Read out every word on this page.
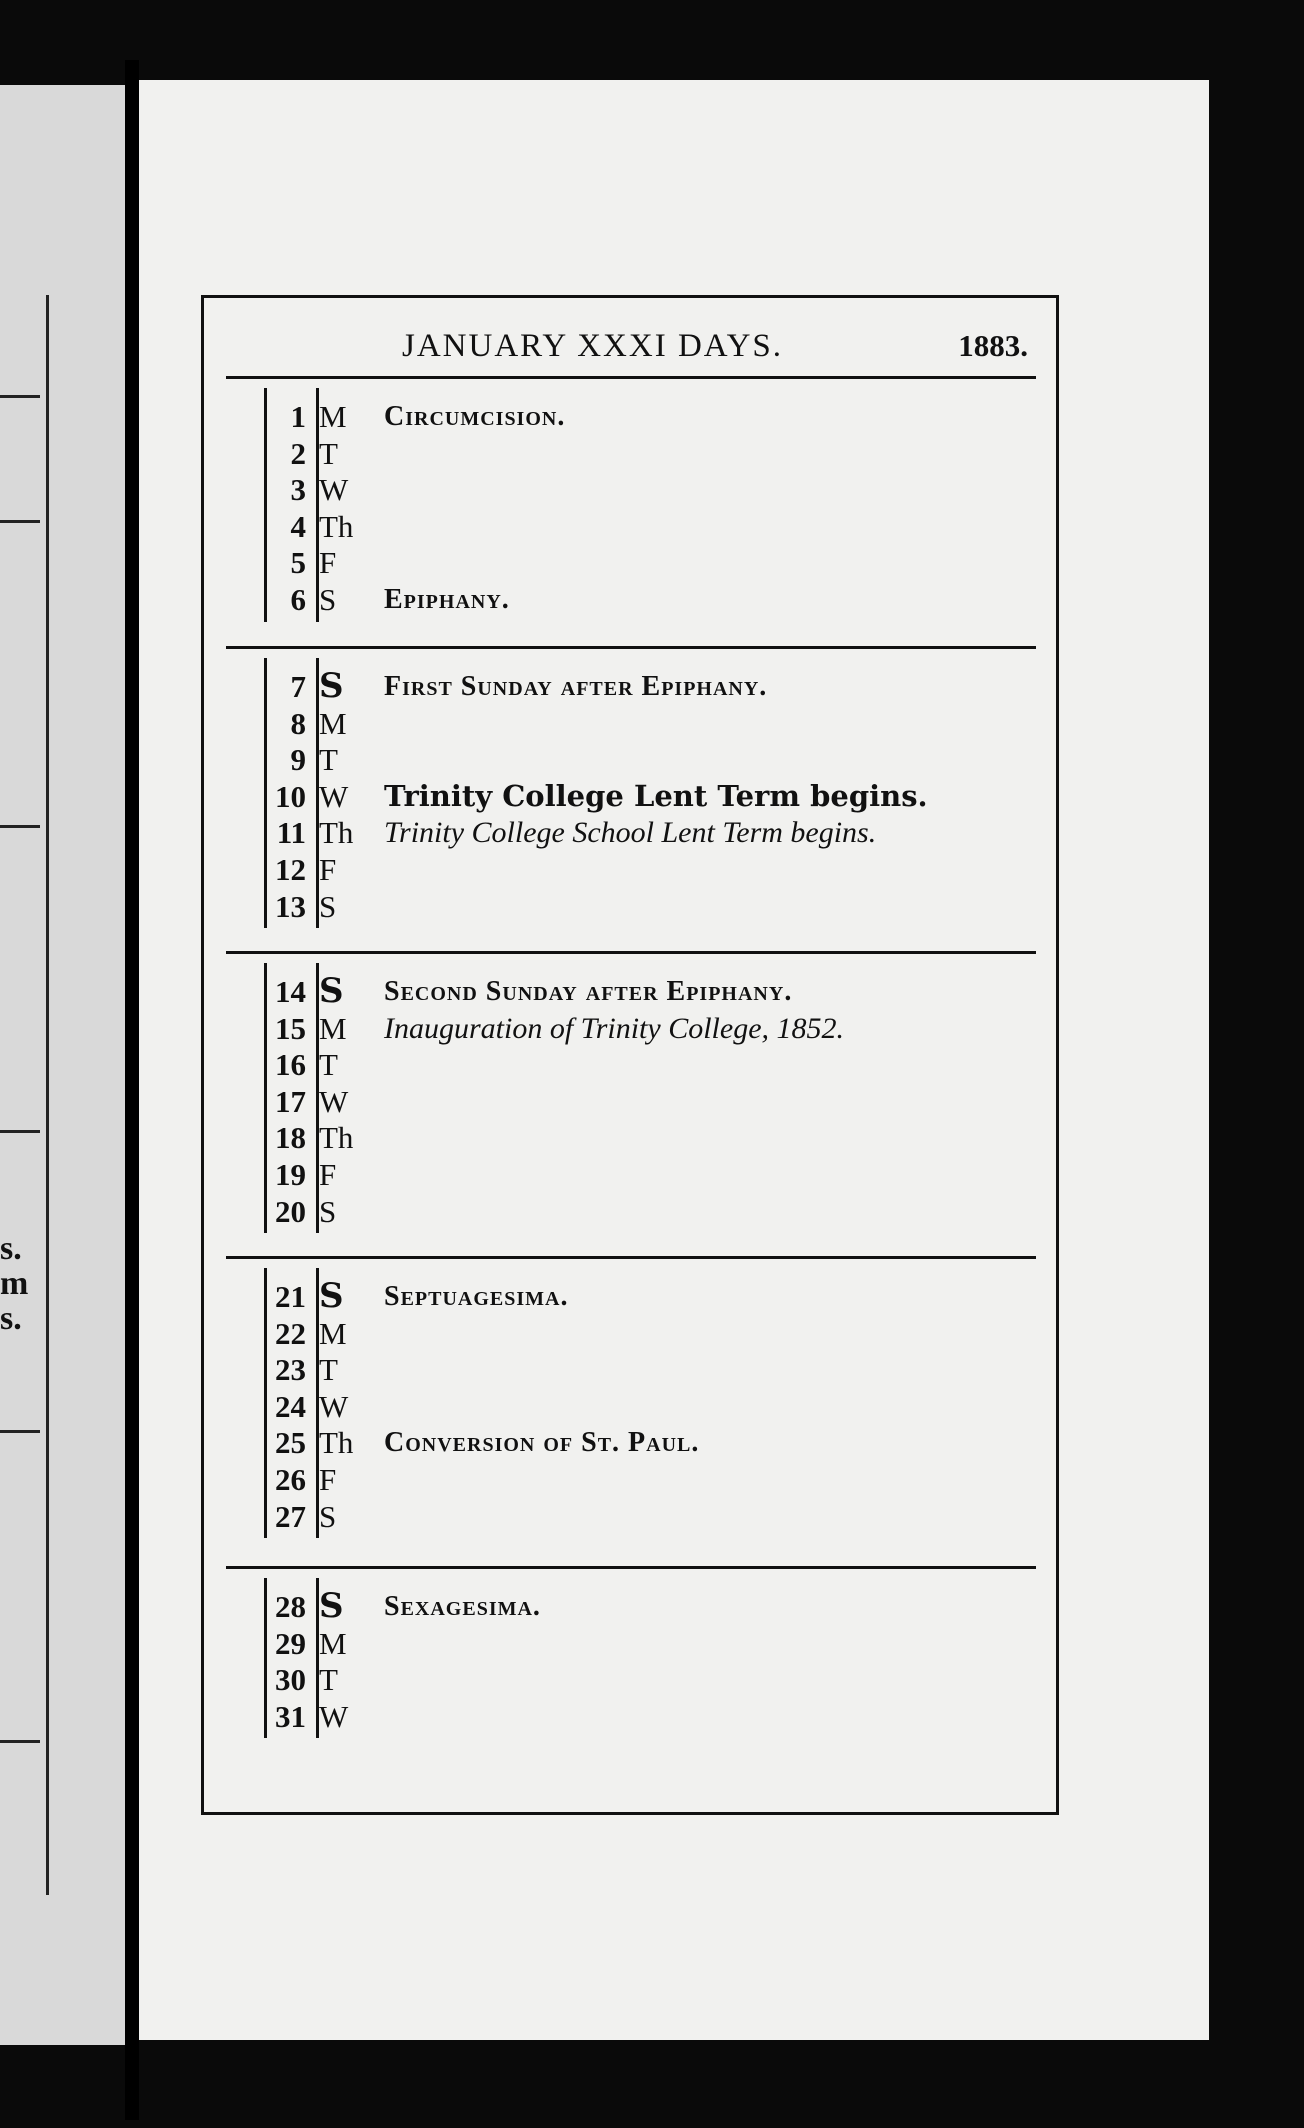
s.
m
s.
JANUARY XXXI DAYS.	1883.
1 M	Circumcision.
2 T
3 W
4 Th
5 F
6 S	Epiphany.
7 S	First Sunday after Epiphany.
8 M
9 T
10 W	Trinity College Lent Term begins.
11 Th	Trinity College School Lent Term begins.
12 F
13 S
14 S	Second Sunday after Epiphany.
15 M	Inauguration of Trinity College, 1852.
16 T
17 W
18 Th
19 F
20 S
21 S	Septuagesima.
22 M
23 T
24 W
25 Th	Conversion of St. Paul.
26 F
27 S
28 S	Sexagesima.
29 M
30 T
31 W
